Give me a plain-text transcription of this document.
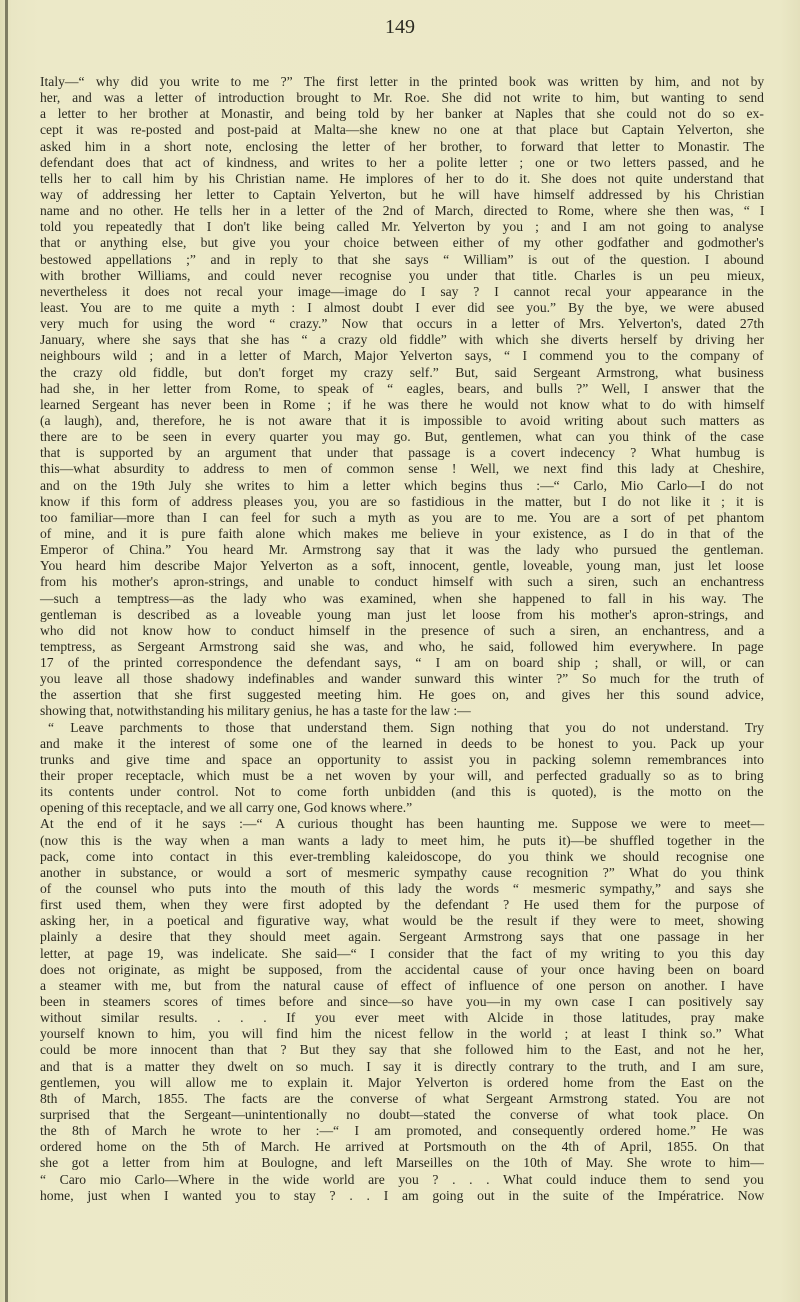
149
Italy—“ why did you write to me ?” The first letter in the printed book was written by him, and not by
her, and was a letter of introduction brought to Mr. Roe. She did not write to him, but wanting to send
a letter to her brother at Monastir, and being told by her banker at Naples that she could not do so ex-
cept it was re-posted and post-paid at Malta—she knew no one at that place but Captain Yelverton, she
asked him in a short note, enclosing the letter of her brother, to forward that letter to Monastir. The
defendant does that act of kindness, and writes to her a polite letter ; one or two letters passed, and he
tells her to call him by his Christian name. He implores of her to do it. She does not quite understand that
way of addressing her letter to Captain Yelverton, but he will have himself addressed by his Christian
name and no other. He tells her in a letter of the 2nd of March, directed to Rome, where she then was, “ I
told you repeatedly that I don't like being called Mr. Yelverton by you ; and I am not going to analyse
that or anything else, but give you your choice between either of my other godfather and godmother's
bestowed appellations ;” and in reply to that she says “ William” is out of the question. I abound
with brother Williams, and could never recognise you under that title. Charles is un peu mieux,
nevertheless it does not recal your image—image do I say ? I cannot recal your appearance in the
least. You are to me quite a myth : I almost doubt I ever did see you.” By the bye, we were abused
very much for using the word “ crazy.” Now that occurs in a letter of Mrs. Yelverton's, dated 27th
January, where she says that she has “ a crazy old fiddle” with which she diverts herself by driving her
neighbours wild ; and in a letter of March, Major Yelverton says, “ I commend you to the company of
the crazy old fiddle, but don't forget my crazy self.” But, said Sergeant Armstrong, what business
had she, in her letter from Rome, to speak of “ eagles, bears, and bulls ?” Well, I answer that the
learned Sergeant has never been in Rome ; if he was there he would not know what to do with himself
(a laugh), and, therefore, he is not aware that it is impossible to avoid writing about such matters as
there are to be seen in every quarter you may go. But, gentlemen, what can you think of the case
that is supported by an argument that under that passage is a covert indecency ? What humbug is
this—what absurdity to address to men of common sense ! Well, we next find this lady at Cheshire,
and on the 19th July she writes to him a letter which begins thus :—“ Carlo, Mio Carlo—I do not
know if this form of address pleases you, you are so fastidious in the matter, but I do not like it ; it is
too familiar—more than I can feel for such a myth as you are to me. You are a sort of pet phantom
of mine, and it is pure faith alone which makes me believe in your existence, as I do in that of the
Emperor of China.” You heard Mr. Armstrong say that it was the lady who pursued the gentleman.
You heard him describe Major Yelverton as a soft, innocent, gentle, loveable, young man, just let loose
from his mother's apron-strings, and unable to conduct himself with such a siren, such an enchantress
—such a temptress—as the lady who was examined, when she happened to fall in his way. The
gentleman is described as a loveable young man just let loose from his mother's apron-strings, and
who did not know how to conduct himself in the presence of such a siren, an enchantress, and a
temptress, as Sergeant Armstrong said she was, and who, he said, followed him everywhere. In page
17 of the printed correspondence the defendant says, “ I am on board ship ; shall, or will, or can
you leave all those shadowy indefinables and wander sunward this winter ?” So much for the truth of
the assertion that she first suggested meeting him. He goes on, and gives her this sound advice,
showing that, notwithstanding his military genius, he has a taste for the law :—
“ Leave parchments to those that understand them. Sign nothing that you do not understand. Try
and make it the interest of some one of the learned in deeds to be honest to you. Pack up your
trunks and give time and space an opportunity to assist you in packing solemn remembrances into
their proper receptacle, which must be a net woven by your will, and perfected gradually so as to bring
its contents under control. Not to come forth unbidden (and this is quoted), is the motto on the
opening of this receptacle, and we all carry one, God knows where.”
At the end of it he says :—“ A curious thought has been haunting me. Suppose we were to meet—
(now this is the way when a man wants a lady to meet him, he puts it)—be shuffled together in the
pack, come into contact in this ever-trembling kaleidoscope, do you think we should recognise one
another in substance, or would a sort of mesmeric sympathy cause recognition ?” What do you think
of the counsel who puts into the mouth of this lady the words “ mesmeric sympathy,” and says she
first used them, when they were first adopted by the defendant ? He used them for the purpose of
asking her, in a poetical and figurative way, what would be the result if they were to meet, showing
plainly a desire that they should meet again. Sergeant Armstrong says that one passage in her
letter, at page 19, was indelicate. She said—“ I consider that the fact of my writing to you this day
does not originate, as might be supposed, from the accidental cause of your once having been on board
a steamer with me, but from the natural cause of effect of influence of one person on another. I have
been in steamers scores of times before and since—so have you—in my own case I can positively say
without similar results. . . . If you ever meet with Alcide in those latitudes, pray make
yourself known to him, you will find him the nicest fellow in the world ; at least I think so.” What
could be more innocent than that ? But they say that she followed him to the East, and not he her,
and that is a matter they dwelt on so much. I say it is directly contrary to the truth, and I am sure,
gentlemen, you will allow me to explain it. Major Yelverton is ordered home from the East on the
8th of March, 1855. The facts are the converse of what Sergeant Armstrong stated. You are not
surprised that the Sergeant—unintentionally no doubt—stated the converse of what took place. On
the 8th of March he wrote to her :—“ I am promoted, and consequently ordered home.” He was
ordered home on the 5th of March. He arrived at Portsmouth on the 4th of April, 1855. On that
she got a letter from him at Boulogne, and left Marseilles on the 10th of May. She wrote to him—
“ Caro mio Carlo—Where in the wide world are you ? . . . What could induce them to send you
home, just when I wanted you to stay ? . . I am going out in the suite of the Impératrice. Now
